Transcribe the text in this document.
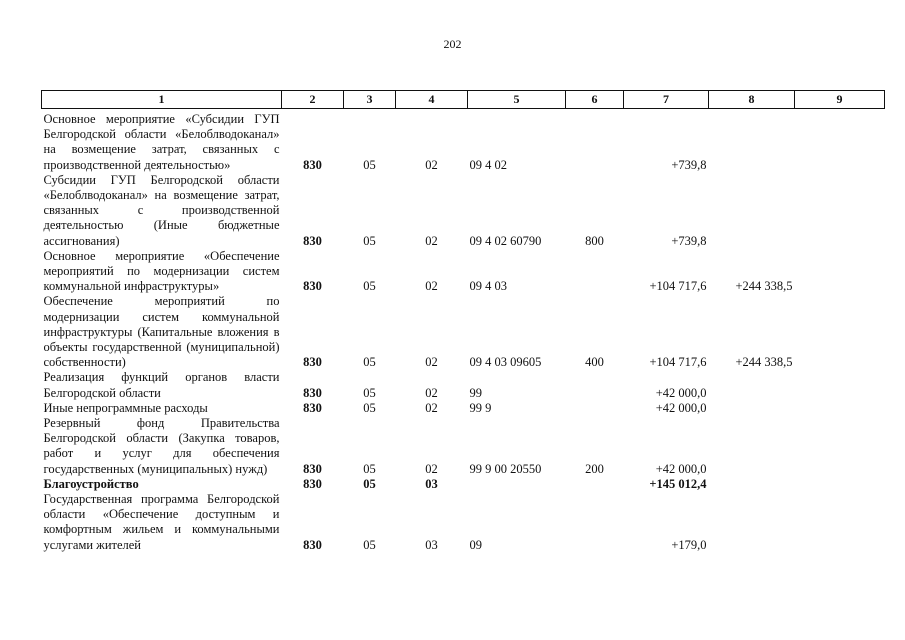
202
1	2	3	4	5	6	7	8	9
Основное мероприятие «Субсидии ГУП Белгородской области «Белоблводоканал» на возмещение затрат, связанных с производственной деятельностью»	830	05	02	09 4 02		+739,8		
Субсидии ГУП Белгородской области «Белоблводоканал» на возмещение затрат, связанных с производственной деятельностью (Иные бюджетные ассигнования)	830	05	02	09 4 02 60790	800	+739,8		
Основное мероприятие «Обеспечение мероприятий по модернизации систем коммунальной инфраструктуры»	830	05	02	09 4 03		+104 717,6	+244 338,5	
Обеспечение мероприятий по модернизации систем коммунальной инфраструктуры (Капитальные вложения в объекты государственной (муниципальной) собственности)	830	05	02	09 4 03 09605	400	+104 717,6	+244 338,5	
Реализация функций органов власти Белгородской области	830	05	02	99		+42 000,0		
Иные непрограммные расходы	830	05	02	99 9		+42 000,0		
Резервный фонд Правительства Белгородской области (Закупка товаров, работ и услуг для обеспечения государственных (муниципальных) нужд)	830	05	02	99 9 00 20550	200	+42 000,0		
Благоустройство	830	05	03			+145 012,4		
Государственная программа Белгородской области «Обеспечение доступным и комфортным жильем и коммунальными услугами жителей	830	05	03	09		+179,0		
